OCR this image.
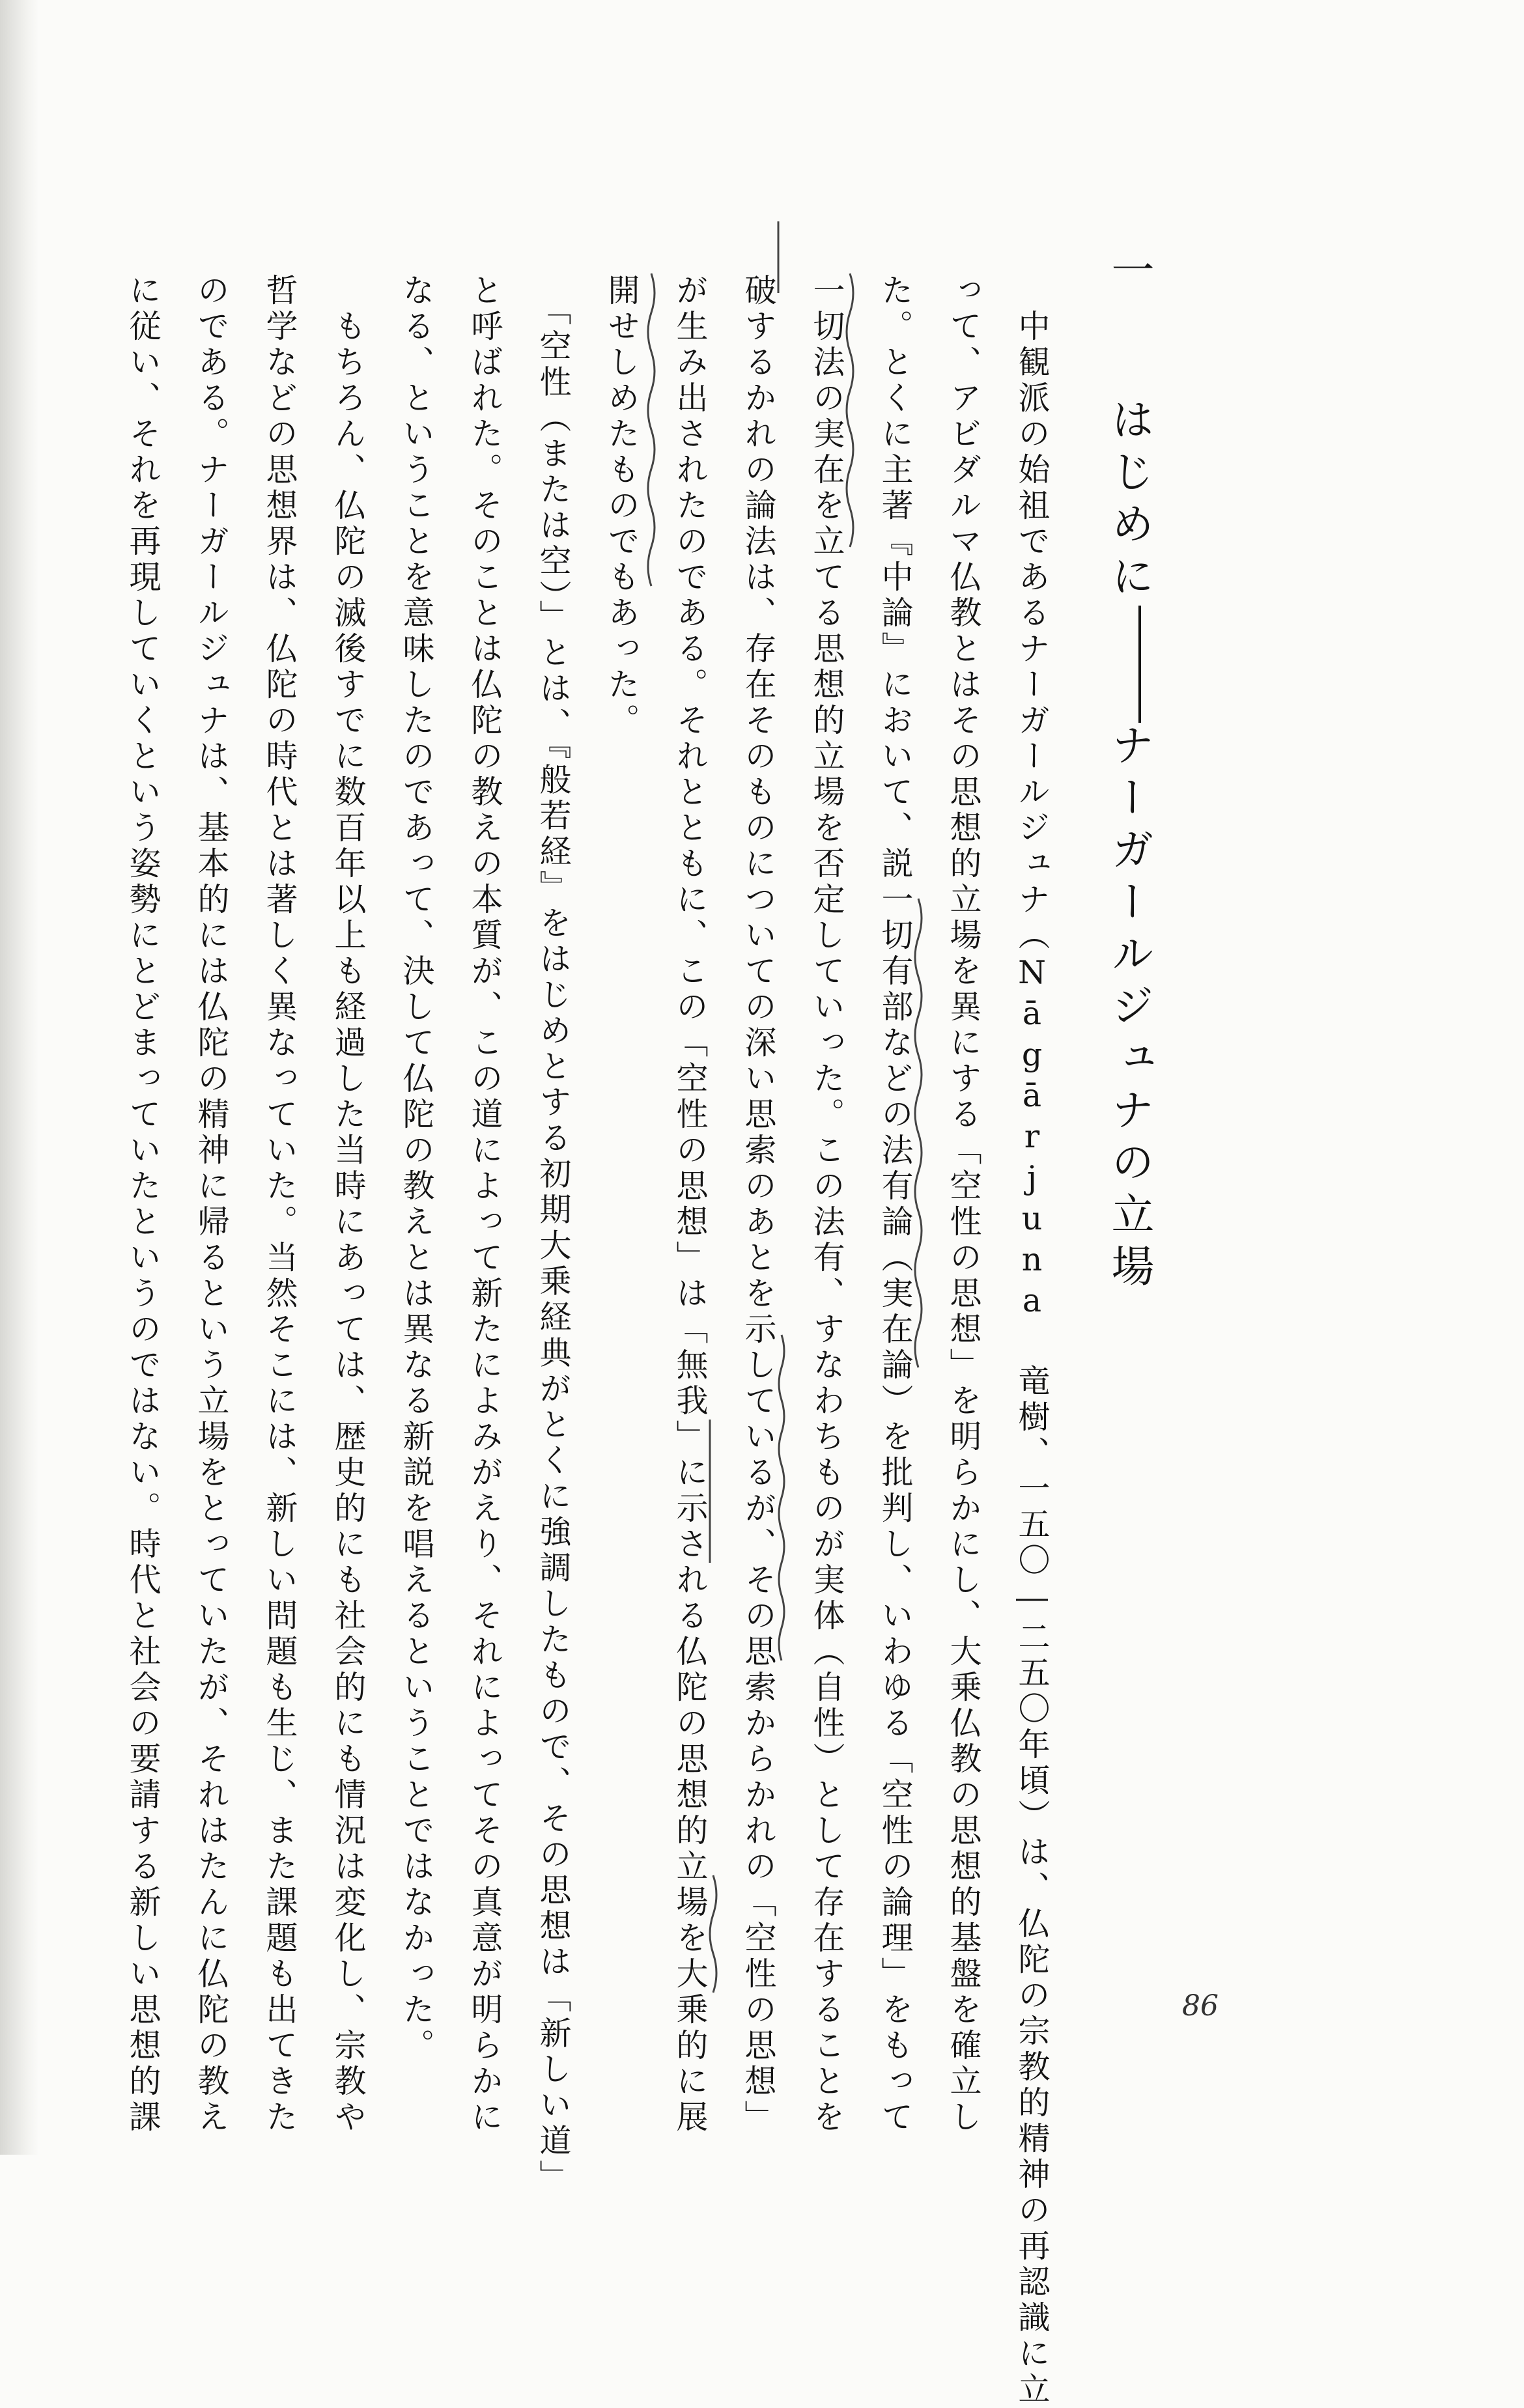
一はじめにナーガールジュナの立場
　中観派の始祖であるナーガールジュナ（Nāgārjuna 竜樹、一五〇―二五〇年頃）は、仏陀の宗教的精神の再認識に立
って、アビダルマ仏教とはその思想的立場を異にする「空性の思想」を明らかにし、大乗仏教の思想的基盤を確立し
た。とくに主著『中論』において、説一切有部などの法有論（実在論）を批判し、いわゆる「空性の論理」をもって
一切法の実在を立てる思想的立場を否定していった。この法有、すなわちものが実体（自性）として存在することを
破するかれの論法は、存在そのものについての深い思索のあとを示しているが、その思索からかれの「空性の思想」
が生み出されたのである。それとともに、この「空性の思想」は「無我」に示される仏陀の思想的立場を大乗的に展
開せしめたものでもあった。
　「空性（または空）」とは、『般若経』をはじめとする初期大乗経典がとくに強調したもので、その思想は「新しい道」
と呼ばれた。そのことは仏陀の教えの本質が、この道によって新たによみがえり、それによってその真意が明らかに
なる、ということを意味したのであって、決して仏陀の教えとは異なる新説を唱えるということではなかった。
　もちろん、仏陀の滅後すでに数百年以上も経過した当時にあっては、歴史的にも社会的にも情況は変化し、宗教や
哲学などの思想界は、仏陀の時代とは著しく異なっていた。当然そこには、新しい問題も生じ、また課題も出てきた
のである。ナーガールジュナは、基本的には仏陀の精神に帰るという立場をとっていたが、それはたんに仏陀の教え
に従い、それを再現していくという姿勢にとどまっていたというのではない。時代と社会の要請する新しい思想的課	86
